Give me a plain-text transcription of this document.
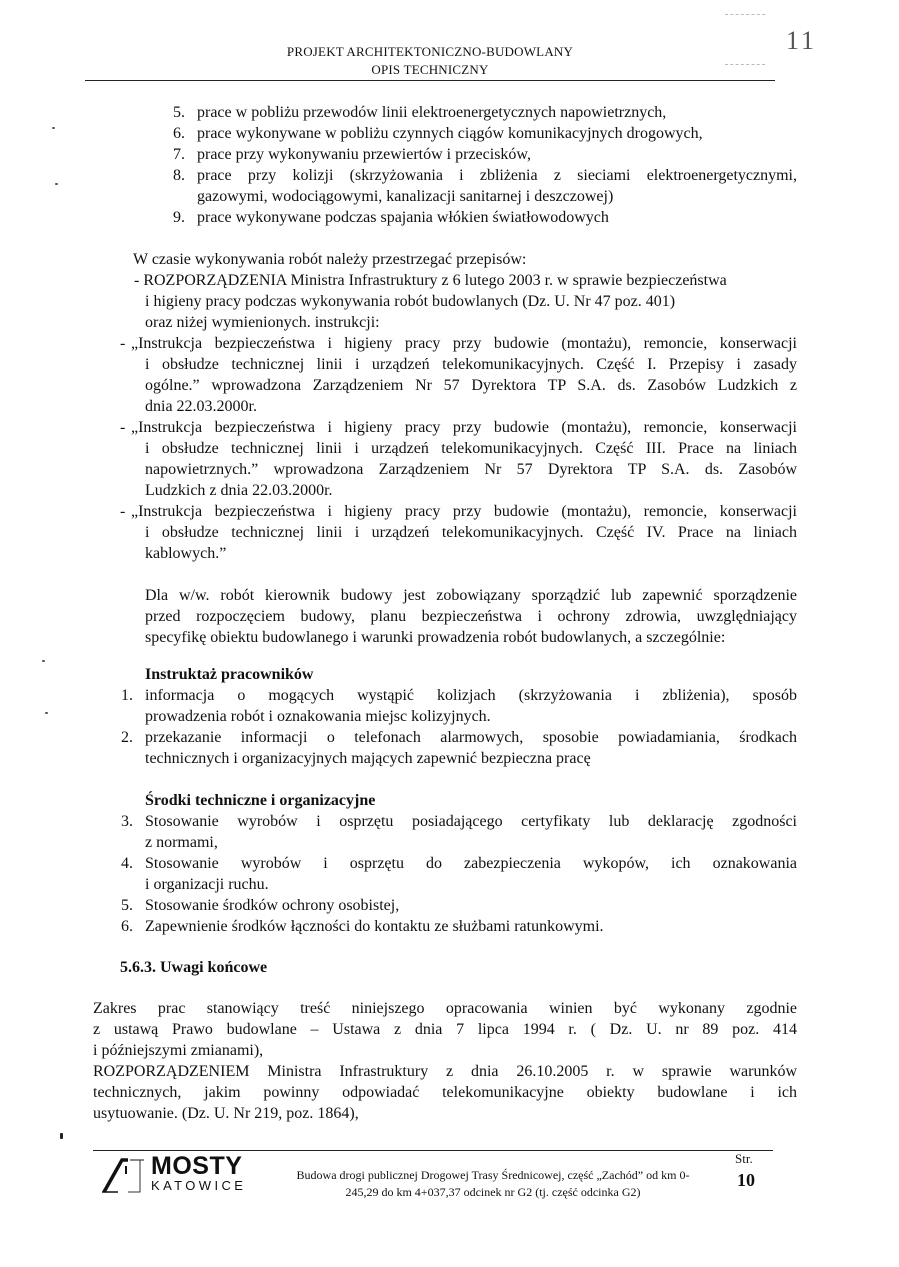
PROJEKT ARCHITEKTONICZNO-BUDOWLANY
OPIS TECHNICZNY
11
5. prace w pobliżu przewodów linii elektroenergetycznych napowietrznych,
6. prace wykonywane w pobliżu czynnych ciągów komunikacyjnych drogowych,
7. prace przy wykonywaniu przewiertów i przecisków,
8. prace przy kolizji (skrzyżowania i zbliżenia z sieciami elektroenergetycznymi,
gazowymi, wodociągowymi, kanalizacji sanitarnej i deszczowej)
9. prace wykonywane podczas spajania włókien światłowodowych
W czasie wykonywania robót należy przestrzegać przepisów:
- ROZPORZĄDZENIA Ministra Infrastruktury z 6 lutego 2003 r. w sprawie bezpieczeństwa
i higieny pracy podczas wykonywania robót budowlanych (Dz. U. Nr 47 poz. 401)
oraz niżej wymienionych. instrukcji:
- „Instrukcja bezpieczeństwa i higieny pracy przy budowie (montażu), remoncie, konserwacji
i obsłudze technicznej linii i urządzeń telekomunikacyjnych. Część I. Przepisy i zasady
ogólne.” wprowadzona Zarządzeniem Nr 57 Dyrektora TP S.A. ds. Zasobów Ludzkich z
dnia 22.03.2000r.
- „Instrukcja bezpieczeństwa i higieny pracy przy budowie (montażu), remoncie, konserwacji
i obsłudze technicznej linii i urządzeń telekomunikacyjnych. Część III. Prace na liniach
napowietrznych.” wprowadzona Zarządzeniem Nr 57 Dyrektora TP S.A. ds. Zasobów
Ludzkich z dnia 22.03.2000r.
- „Instrukcja bezpieczeństwa i higieny pracy przy budowie (montażu), remoncie, konserwacji
i obsłudze technicznej linii i urządzeń telekomunikacyjnych. Część IV. Prace na liniach
kablowych.”
Dla w/w. robót kierownik budowy jest zobowiązany sporządzić lub zapewnić sporządzenie
przed rozpoczęciem budowy, planu bezpieczeństwa i ochrony zdrowia, uwzględniający
specyfikę obiektu budowlanego i warunki prowadzenia robót budowlanych, a szczególnie:
Instruktaż pracowników
1. informacja o mogących wystąpić kolizjach (skrzyżowania i zbliżenia), sposób
prowadzenia robót i oznakowania miejsc kolizyjnych.
2. przekazanie informacji o telefonach alarmowych, sposobie powiadamiania, środkach
technicznych i organizacyjnych mających zapewnić bezpieczna pracę
Środki techniczne i organizacyjne
3. Stosowanie wyrobów i osprzętu posiadającego certyfikaty lub deklarację zgodności
z normami,
4. Stosowanie wyrobów i osprzętu do zabezpieczenia wykopów, ich oznakowania
i organizacji ruchu.
5. Stosowanie środków ochrony osobistej,
6. Zapewnienie środków łączności do kontaktu ze służbami ratunkowymi.
5.6.3. Uwagi końcowe
Zakres prac stanowiący treść niniejszego opracowania winien być wykonany zgodnie
z ustawą Prawo budowlane – Ustawa z dnia 7 lipca 1994 r. ( Dz. U. nr 89 poz. 414
i późniejszymi zmianami),
ROZPORZĄDZENIEM Ministra Infrastruktury z dnia 26.10.2005 r. w sprawie warunków
technicznych, jakim powinny odpowiadać telekomunikacyjne obiekty budowlane i ich
usytuowanie. (Dz. U. Nr 219, poz. 1864),
MOSTY
KATOWICE
Budowa drogi publicznej Drogowej Trasy Średnicowej, część „Zachód” od km 0-
245,29 do km 4+037,37 odcinek nr G2 (tj. część odcinka G2)
Str.
10
